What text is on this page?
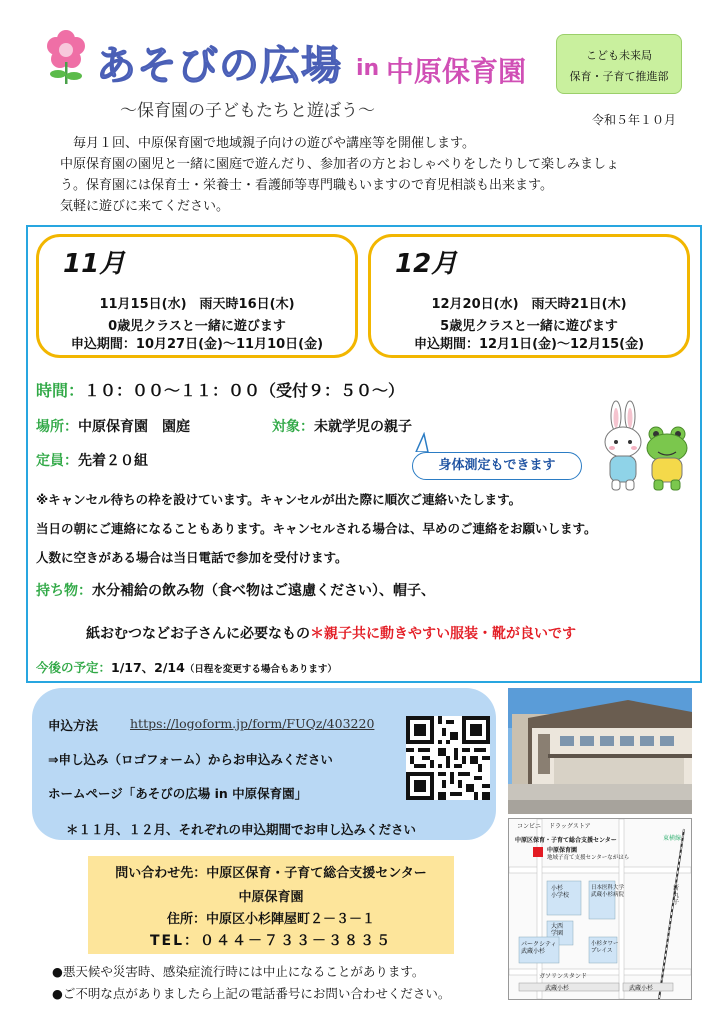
あそびの広場 in 中原保育園	こども未来局
保育・子育て推進部
～保育園の子どもたちと遊ぼう～	令和５年１０月

　毎月１回、中原保育園で地域親子向けの遊びや講座等を開催します。

中原保育園の園児と一緒に園庭で遊んだり、参加者の方とおしゃべりをしたりして楽しみましょ

う。保育園には保育士・栄養士・看護師等専門職もいますので育児相談も出来ます。

気軽に遊びに来てください。

11月
11月15日(水)　雨天時16日(木)
0歳児クラスと一緒に遊びます
申込期間：10月27日(金)～11月10日(金)
12月
12月20日(水)　雨天時21日(木)
5歳児クラスと一緒に遊びます
申込期間：12月1日(金)～12月15(金)
時間：１０：００～１１：００（受付９：５０～）
場所：中原保育園　園庭	対象：未就学児の親子
定員：先着２０組	身体測定もできます
※キャンセル待ちの枠を設けています。キャンセルが出た際に順次ご連絡いたします。
当日の朝にご連絡になることもあります。キャンセルされる場合は、早めのご連絡をお願いします。
人数に空きがある場合は当日電話で参加を受付けます。
持ち物：水分補給の飲み物（食べ物はご遠慮ください）、帽子、
紙おむつなどお子さんに必要なもの＊親子共に動きやすい服装・靴が良いです
今後の予定：1/17、2/14（日程を変更する場合もあります）
申込方法	https://logoform.jp/form/FUQz/403220
⇒申し込み（ロゴフォーム）からお申込みください
ホームページ「あそびの広場 in 中原保育園」
＊１１月、１２月、それぞれの申込期間でお申し込みください	コンビニ ドラッグストア
中原区保育・子育て総合支援センター
中原保育園
地域子育て支援センターながはら
東横線
新
丸
子
小杉
小学校
日本医科大学
武蔵小杉病院
大西
学園
パークシティ
武蔵小杉
小杉タワー
プレイス
ガソリンスタンド
武蔵小杉	武蔵小杉
問い合わせ先：中原区保育・子育て総合支援センター
中原保育園
住所：中原区小杉陣屋町２－３－１
TEL：０４４－７３３－３８３５
●悪天候や災害時、感染症流行時には中止になることがあります。
●ご不明な点がありましたら上記の電話番号にお問い合わせください。
